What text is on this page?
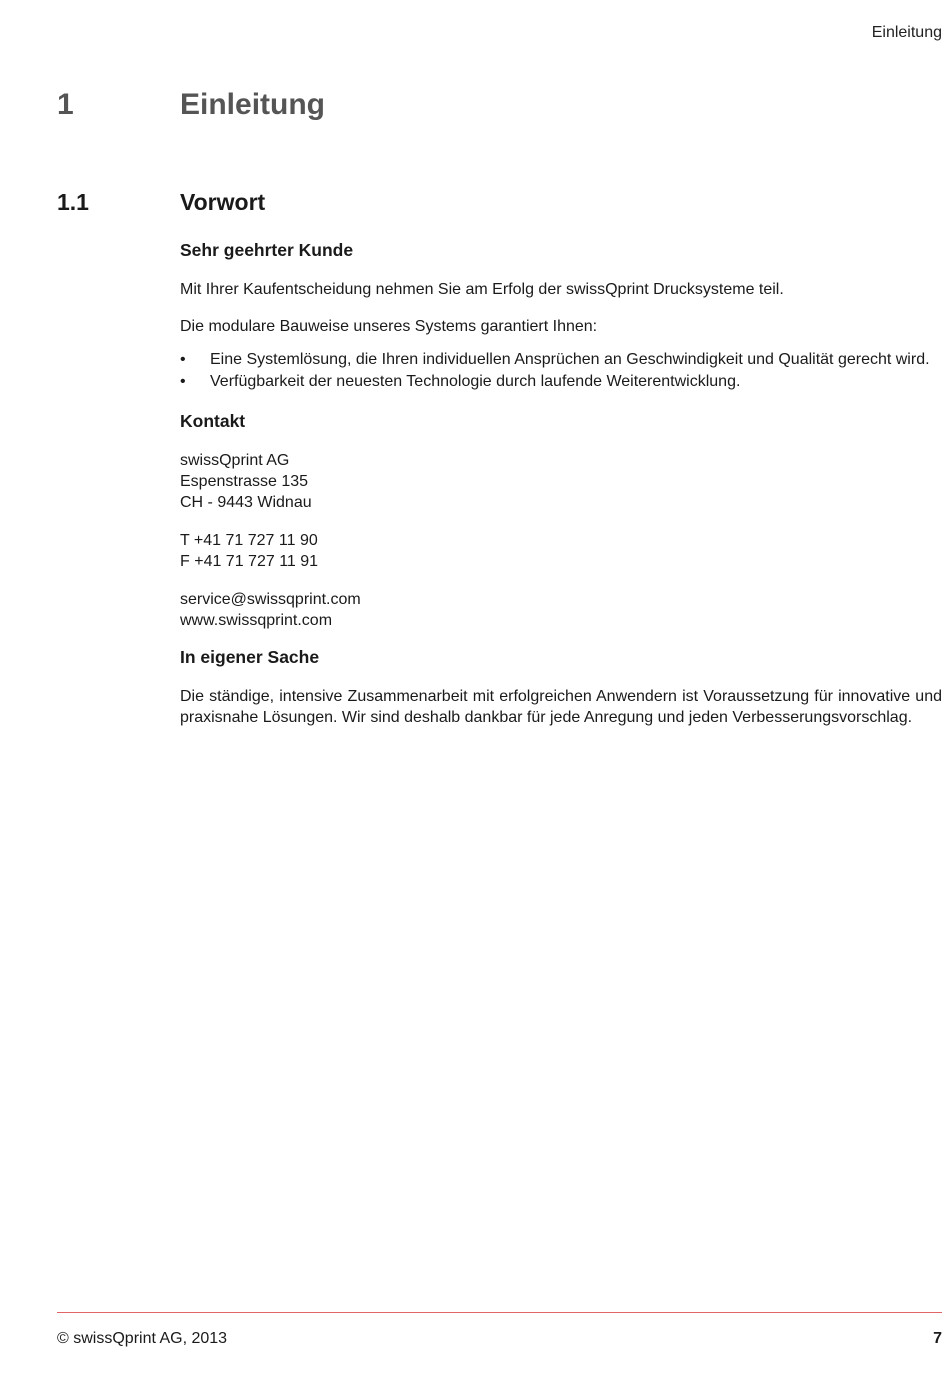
Einleitung
1	Einleitung
1.1	Vorwort
Sehr geehrter Kunde

Mit Ihrer Kaufentscheidung nehmen Sie am Erfolg der swissQprint Drucksysteme teil.

Die modulare Bauweise unseres Systems garantiert Ihnen:

• Eine Systemlösung, die Ihren individuellen Ansprüchen an Geschwindigkeit und Qualität gerecht wird.
• Verfügbarkeit der neuesten Technologie durch laufende Weiterentwicklung.
Kontakt
swissQprint AG
Espenstrasse 135
CH - 9443 Widnau
T +41 71 727 11 90
F +41 71 727 11 91
service@swissqprint.com
www.swissqprint.com
In eigener Sache

Die ständige, intensive Zusammenarbeit mit erfolgreichen Anwendern ist Voraussetzung für innovative und praxisnahe Lösungen. Wir sind deshalb dankbar für jede Anregung und jeden Verbesserungsvorschlag.

© swissQprint AG, 2013	7
